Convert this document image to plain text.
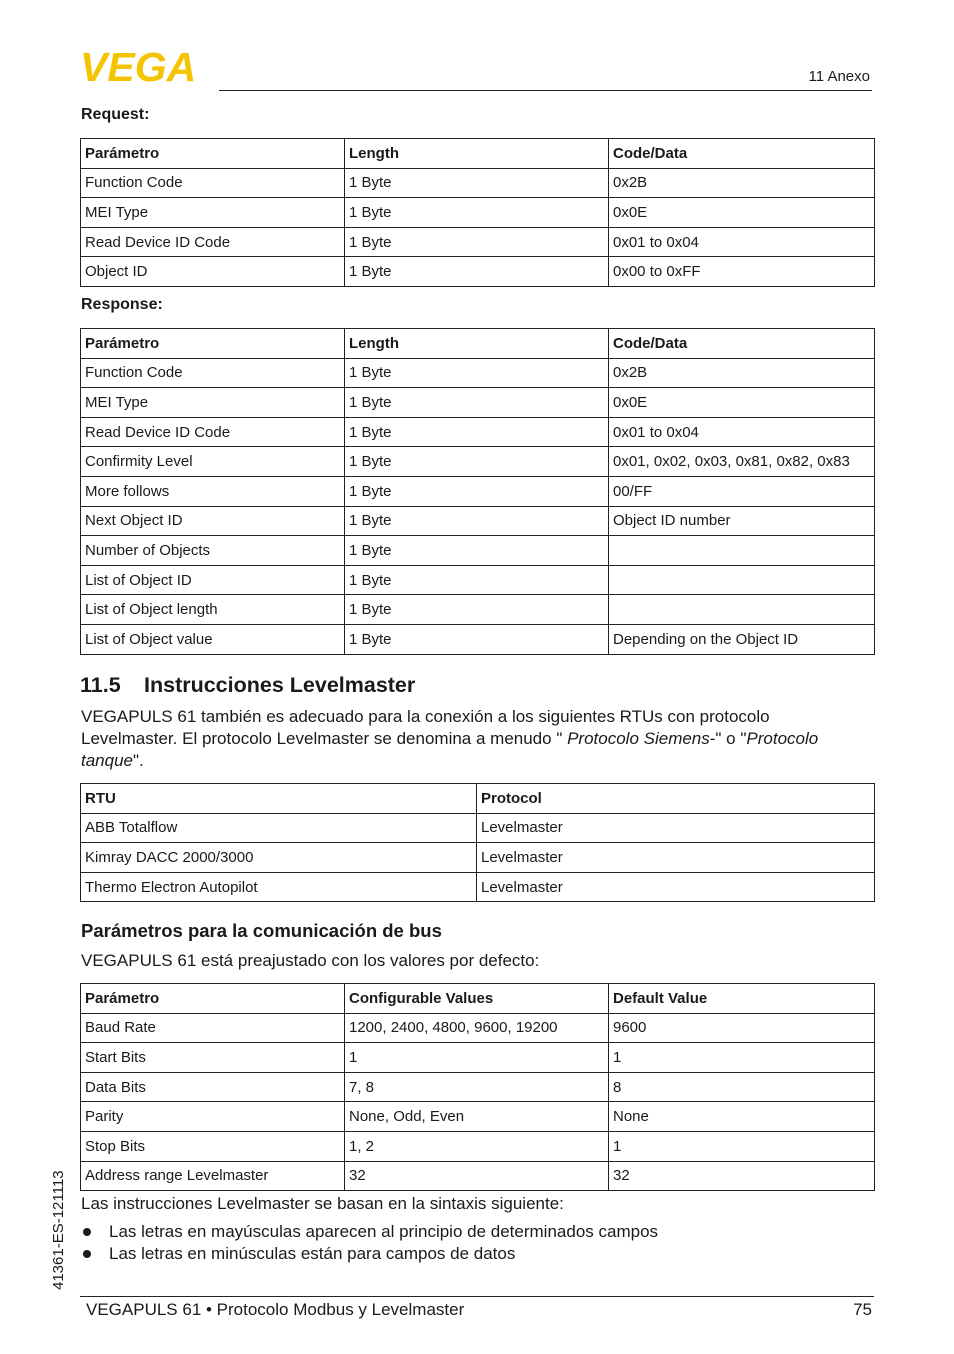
VEGA	11 Anexo
Request:
Parámetro	Length	Code/Data
Function Code	1 Byte	0x2B
MEI Type	1 Byte	0x0E
Read Device ID Code	1 Byte	0x01 to 0x04
Object ID	1 Byte	0x00 to 0xFF
Response:
Parámetro	Length	Code/Data
Function Code	1 Byte	0x2B
MEI Type	1 Byte	0x0E
Read Device ID Code	1 Byte	0x01 to 0x04
Confirmity Level	1 Byte	0x01, 0x02, 0x03, 0x81, 0x82, 0x83
More follows	1 Byte	00/FF
Next Object ID	1 Byte	Object ID number
Number of Objects	1 Byte	
List of Object ID	1 Byte	
List of Object length	1 Byte	
List of Object value	1 Byte	Depending on the Object ID
11.5 Instrucciones Levelmaster
VEGAPULS 61 también es adecuado para la conexión a los siguientes RTUs con protocolo
Levelmaster. El protocolo Levelmaster se denomina a menudo " Protocolo Siemens-" o "Protocolo
tanque".
RTU	Protocol
ABB Totalflow	Levelmaster
Kimray DACC 2000/3000	Levelmaster
Thermo Electron Autopilot	Levelmaster
Parámetros para la comunicación de bus
VEGAPULS 61 está preajustado con los valores por defecto:
Parámetro	Configurable Values	Default Value
Baud Rate	1200, 2400, 4800, 9600, 19200	9600
Start Bits	1	1
Data Bits	7, 8	8
Parity	None, Odd, Even	None
Stop Bits	1, 2	1
Address range Levelmaster	32	32
Las instrucciones Levelmaster se basan en la sintaxis siguiente:
Las letras en mayúsculas aparecen al principio de determinados campos
Las letras en minúsculas están para campos de datos
41361-ES-121113
VEGAPULS 61 • Protocolo Modbus y Levelmaster	75
